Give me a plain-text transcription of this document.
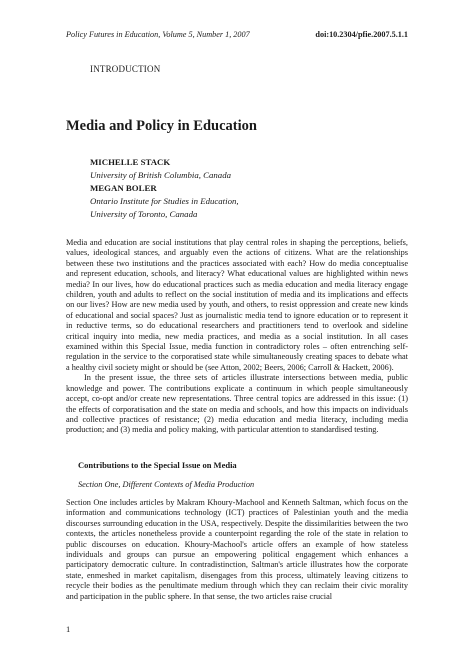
Policy Futures in Education, Volume 5, Number 1, 2007	doi:10.2304/pfie.2007.5.1.1
INTRODUCTION
Media and Policy in Education
MICHELLE STACK
University of British Columbia, Canada
MEGAN BOLER
Ontario Institute for Studies in Education,
University of Toronto, Canada

Media and education are social institutions that play central roles in shaping the perceptions, beliefs, values, ideological stances, and arguably even the actions of citizens. What are the relationships between these two institutions and the practices associated with each? How do media conceptualise and represent education, schools, and literacy? What educational values are highlighted within news media? In our lives, how do educational practices such as media education and media literacy engage children, youth and adults to reflect on the social institution of media and its implications and effects on our lives? How are new media used by youth, and others, to resist oppression and create new kinds of educational and social spaces? Just as journalistic media tend to ignore education or to represent it in reductive terms, so do educational researchers and practitioners tend to overlook and sideline critical inquiry into media, new media practices, and media as a social institution. In all cases examined within this Special Issue, media function in contradictory roles – often entrenching self-regulation in the service to the corporatised state while simultaneously creating spaces to debate what a healthy civil society might or should be (see Atton, 2002; Beers, 2006; Carroll & Hackett, 2006).

In the present issue, the three sets of articles illustrate intersections between media, public knowledge and power. The contributions explicate a continuum in which people simultaneously accept, co-opt and/or create new representations. Three central topics are addressed in this issue: (1) the effects of corporatisation and the state on media and schools, and how this impacts on individuals and collective practices of resistance; (2) media education and media literacy, including media production; and (3) media and policy making, with particular attention to standardised testing.

Contributions to the Special Issue on Media
Section One, Different Contexts of Media Production

Section One includes articles by Makram Khoury-Machool and Kenneth Saltman, which focus on the information and communications technology (ICT) practices of Palestinian youth and the media discourses surrounding education in the USA, respectively. Despite the dissimilarities between the two contexts, the articles nonetheless provide a counterpoint regarding the role of the state in relation to public discourses on education. Khoury-Machool's article offers an example of how stateless individuals and groups can pursue an empowering political engagement which enhances a participatory democratic culture. In contradistinction, Saltman's article illustrates how the corporate state, enmeshed in market capitalism, disengages from this process, ultimately leaving citizens to recycle their bodies as the penultimate medium through which they can reclaim their civic morality and participation in the public sphere. In that sense, the two articles raise crucial

1
